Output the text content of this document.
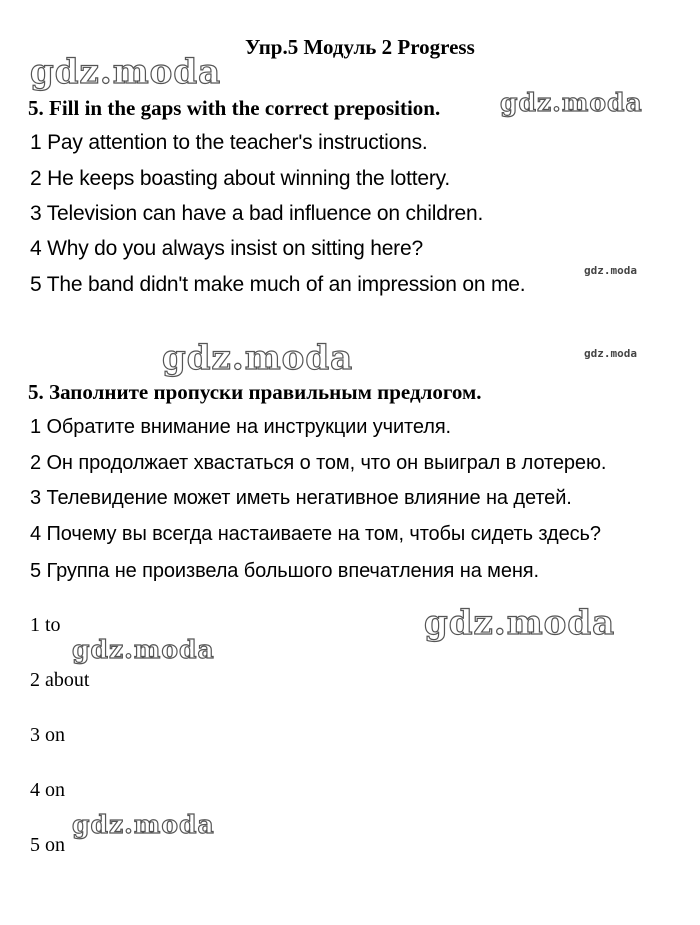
gdz.moda
gdz.moda
gdz.moda
gdz.moda	gdz.moda
gdz.moda
gdz.moda
gdz.moda
Упр.5 Модуль 2 Progress
5. Fill in the gaps with the correct preposition.
1 Pay attention to the teacher's instructions.
2 He keeps boasting about winning the lottery.
3 Television can have a bad influence on children.
4 Why do you always insist on sitting here?
5 The band didn't make much of an impression on me.
5. Заполните пропуски правильным предлогом.
1 Обратите внимание на инструкции учителя.
2 Он продолжает хвастаться о том, что он выиграл в лотерею.
3 Телевидение может иметь негативное влияние на детей.
4 Почему вы всегда настаиваете на том, чтобы сидеть здесь?
5 Группа не произвела большого впечатления на меня.
1 to
2 about
3 on
4 on
5 on
